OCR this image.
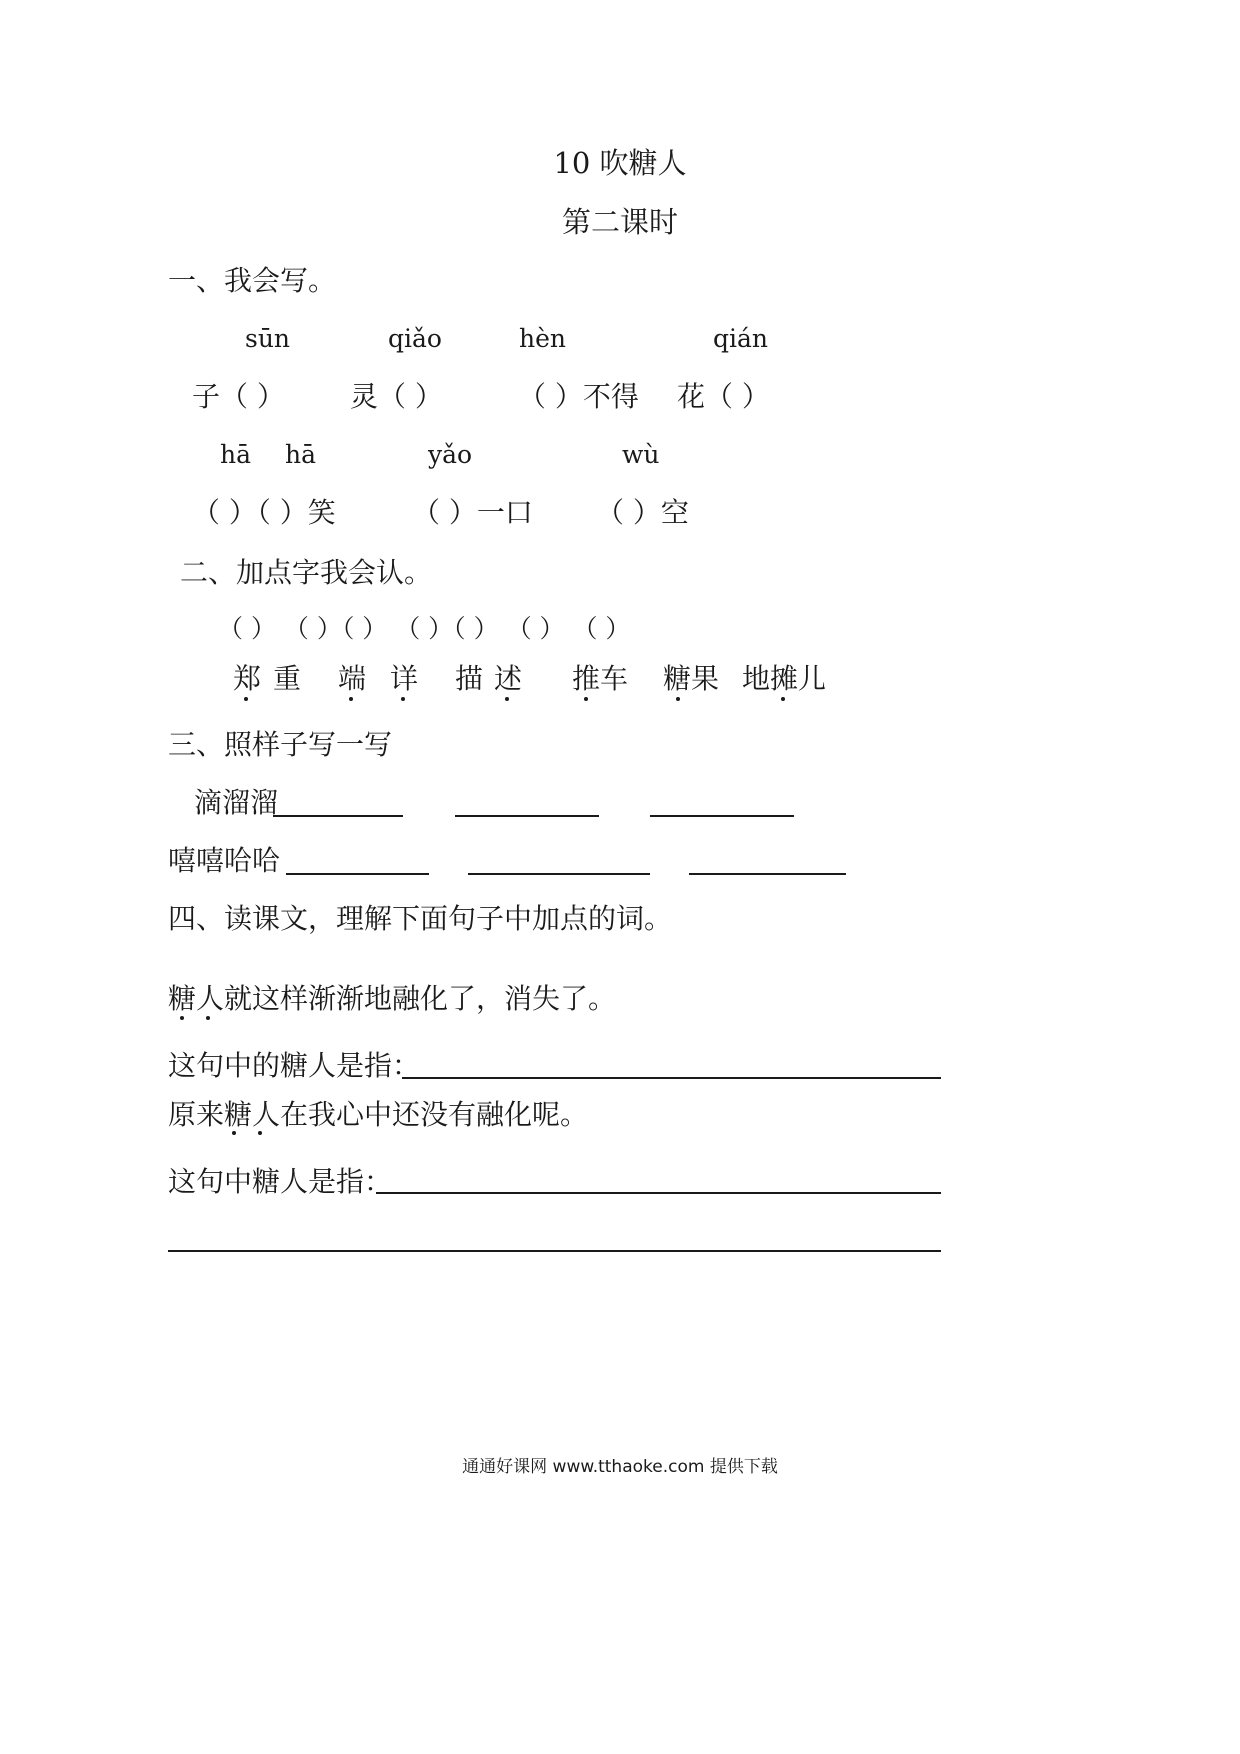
10 吹糖人
第二课时
一、我会写。
sūn	qiǎo	hèn	qián
子（ ） 灵（ ）	（ ）不得 花（ ）
hā hā	yǎo	wù
（ ）（ ）笑	（ ）一口 （ ）空
二、加点字我会认。
（ ） （ ）（ ） （ ）（ ） （ ） （ ）
郑 重 端 详 描 述 推车 糖果 地摊儿
三、照样子写一写
滴溜溜
嘻嘻哈哈
四、读课文，理解下面句子中加点的词。
糖人就这样渐渐地融化了，消失了。
这句中的糖人是指：
原来糖人在我心中还没有融化呢。
这句中糖人是指：
通通好课网 www.tthaoke.com 提供下载
